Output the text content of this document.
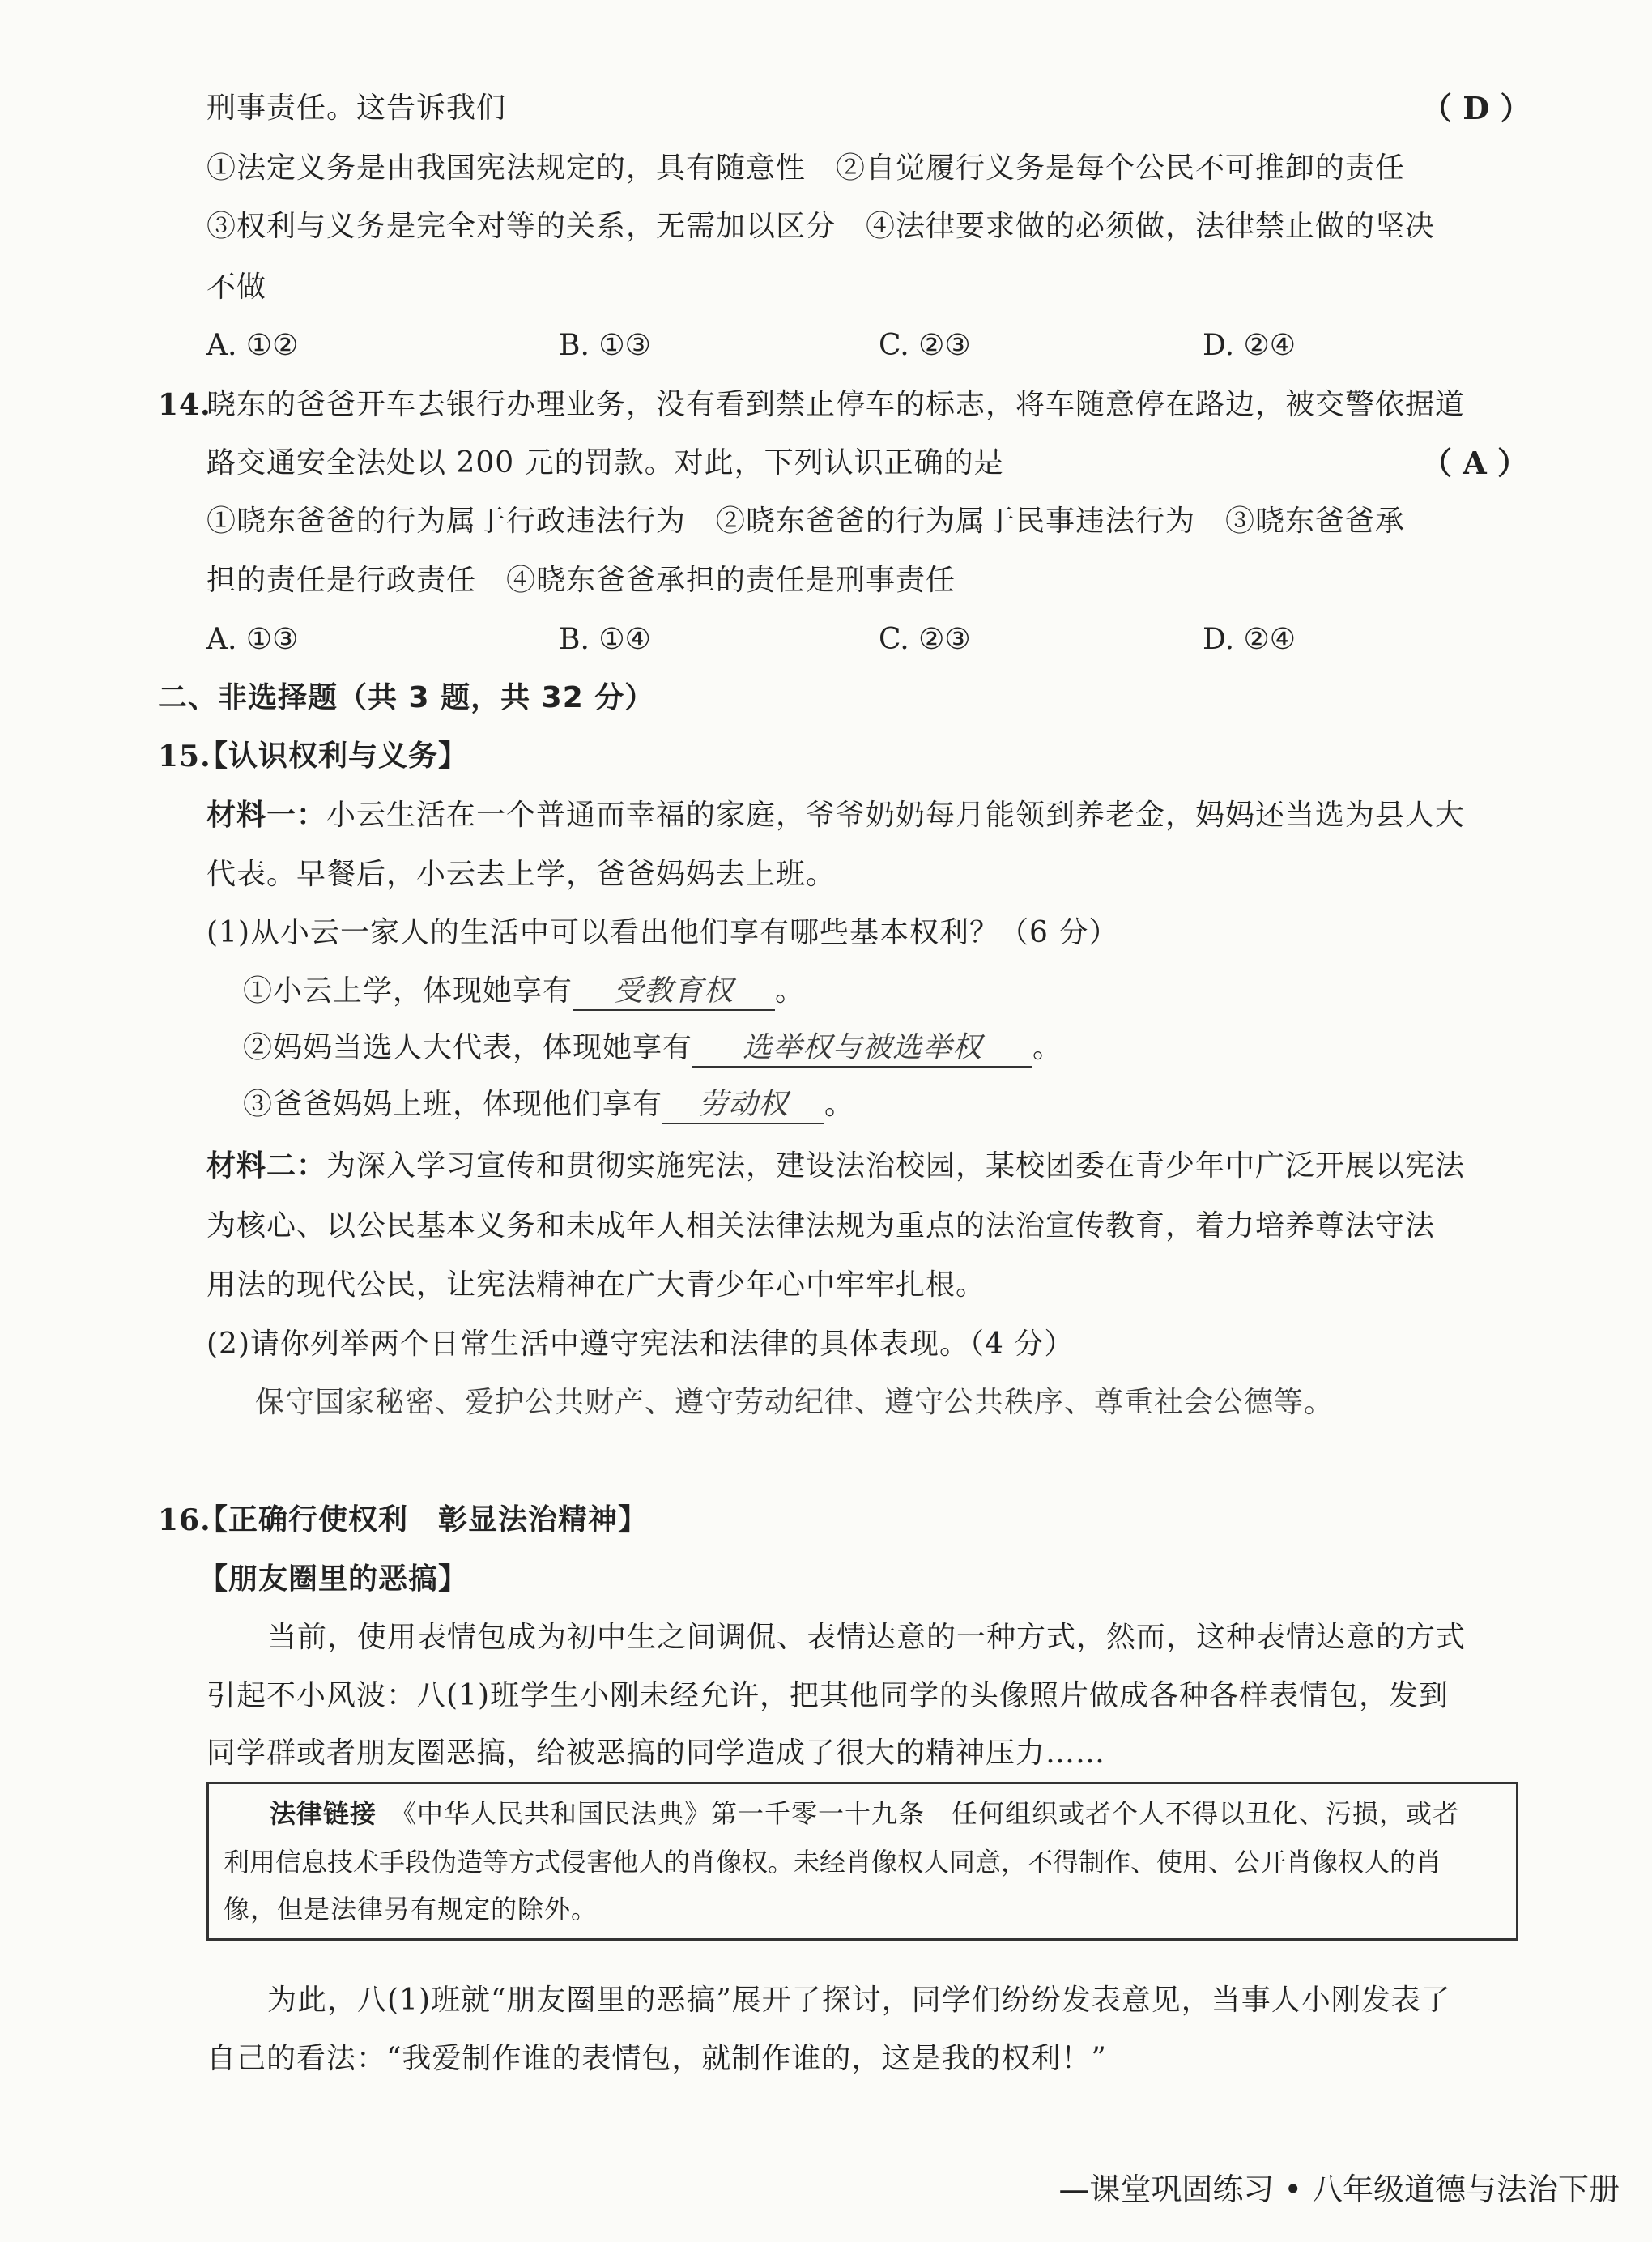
刑事责任。这告诉我们	（ D ）
①法定义务是由我国宪法规定的，具有随意性　②自觉履行义务是每个公民不可推卸的责任
③权利与义务是完全对等的关系，无需加以区分　④法律要求做的必须做，法律禁止做的坚决
不做
A. ①②	B. ①③	C. ②③	D. ②④
14.
晓东的爸爸开车去银行办理业务，没有看到禁止停车的标志，将车随意停在路边，被交警依据道
路交通安全法处以 200 元的罚款。对此，下列认识正确的是	（ A ）
①晓东爸爸的行为属于行政违法行为　②晓东爸爸的行为属于民事违法行为　③晓东爸爸承
担的责任是行政责任　④晓东爸爸承担的责任是刑事责任
A. ①③	B. ①④	C. ②③	D. ②④
二、非选择题（共 3 题，共 32 分）
15.
【认识权利与义务】
材料一：小云生活在一个普通而幸福的家庭，爷爷奶奶每月能领到养老金，妈妈还当选为县人大
代表。早餐后，小云去上学，爸爸妈妈去上班。
(1)从小云一家人的生活中可以看出他们享有哪些基本权利？（6 分）
①小云上学，体现她享有 受教育权 。
②妈妈当选人大代表，体现她享有 选举权与被选举权 。
③爸爸妈妈上班，体现他们享有 劳动权 。
材料二：为深入学习宣传和贯彻实施宪法，建设法治校园，某校团委在青少年中广泛开展以宪法
为核心、以公民基本义务和未成年人相关法律法规为重点的法治宣传教育，着力培养尊法守法
用法的现代公民，让宪法精神在广大青少年心中牢牢扎根。
(2)请你列举两个日常生活中遵守宪法和法律的具体表现。（4 分）
保守国家秘密、爱护公共财产、遵守劳动纪律、遵守公共秩序、尊重社会公德等。
16.
【正确行使权利　彰显法治精神】
【朋友圈里的恶搞】
当前，使用表情包成为初中生之间调侃、表情达意的一种方式，然而，这种表情达意的方式
引起不小风波：八(1)班学生小刚未经允许，把其他同学的头像照片做成各种各样表情包，发到
同学群或者朋友圈恶搞，给被恶搞的同学造成了很大的精神压力……
法律链接　 《中华人民共和国民法典》第一千零一十九条　任何组织或者个人不得以丑化、污损，或者
利用信息技术手段伪造等方式侵害他人的肖像权。未经肖像权人同意，不得制作、使用、公开肖像权人的肖
像，但是法律另有规定的除外。
为此，八(1)班就“朋友圈里的恶搞”展开了探讨，同学们纷纷发表意见，当事人小刚发表了
自己的看法：“我爱制作谁的表情包，就制作谁的，这是我的权利！”
—课堂巩固练习 • 八年级道德与法治下册
